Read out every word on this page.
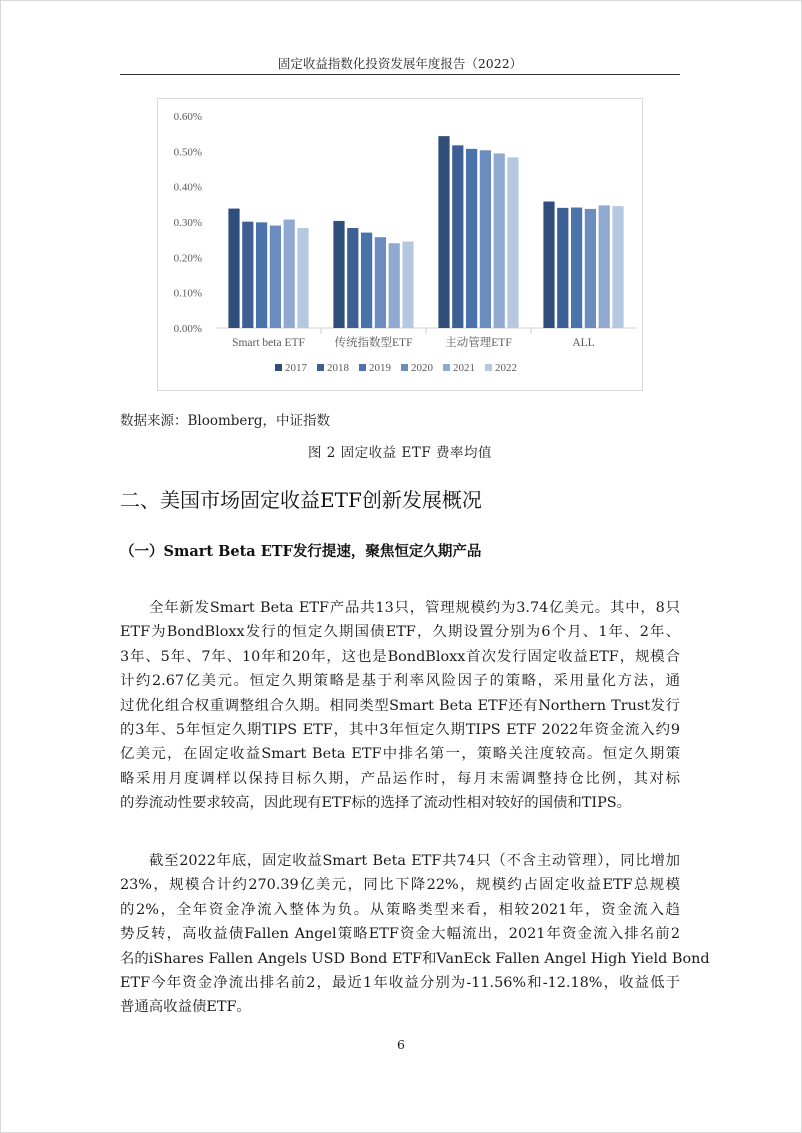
固定收益指数化投资发展年度报告（2022）
0.00%
0.10%
0.20%
0.30%
0.40%
0.50%
0.60%
Smart beta ETF	传统指数型ETF	主动管理ETF	ALL
2017 2018 2019 2020 2021 2022
数据来源：Bloomberg，中证指数
图 2 固定收益 ETF 费率均值
二、美国市场固定收益ETF创新发展概况
（一）Smart Beta ETF发行提速，聚焦恒定久期产品
全年新发Smart Beta ETF产品共13只，管理规模约为3.74亿美元。其中，8只
ETF为BondBloxx发行的恒定久期国债ETF，久期设置分别为6个月、1年、2年、
3年、5年、7年、10年和20年，这也是BondBloxx首次发行固定收益ETF，规模合
计约2.67亿美元。恒定久期策略是基于利率风险因子的策略，采用量化方法，通
过优化组合权重调整组合久期。相同类型Smart Beta ETF还有Northern Trust发行
的3年、5年恒定久期TIPS ETF，其中3年恒定久期TIPS ETF 2022年资金流入约9
亿美元，在固定收益Smart Beta ETF中排名第一，策略关注度较高。恒定久期策
略采用月度调样以保持目标久期，产品运作时，每月末需调整持仓比例，其对标
的券流动性要求较高，因此现有ETF标的选择了流动性相对较好的国债和TIPS。
截至2022年底，固定收益Smart Beta ETF共74只（不含主动管理），同比增加
23%，规模合计约270.39亿美元，同比下降22%，规模约占固定收益ETF总规模
的2%，全年资金净流入整体为负。从策略类型来看，相较2021年，资金流入趋
势反转，高收益债Fallen Angel策略ETF资金大幅流出，2021年资金流入排名前2
名的iShares Fallen Angels USD Bond ETF和VanEck Fallen Angel High Yield Bond
ETF今年资金净流出排名前2，最近1年收益分别为-11.56%和-12.18%，收益低于
普通高收益债ETF。
6
